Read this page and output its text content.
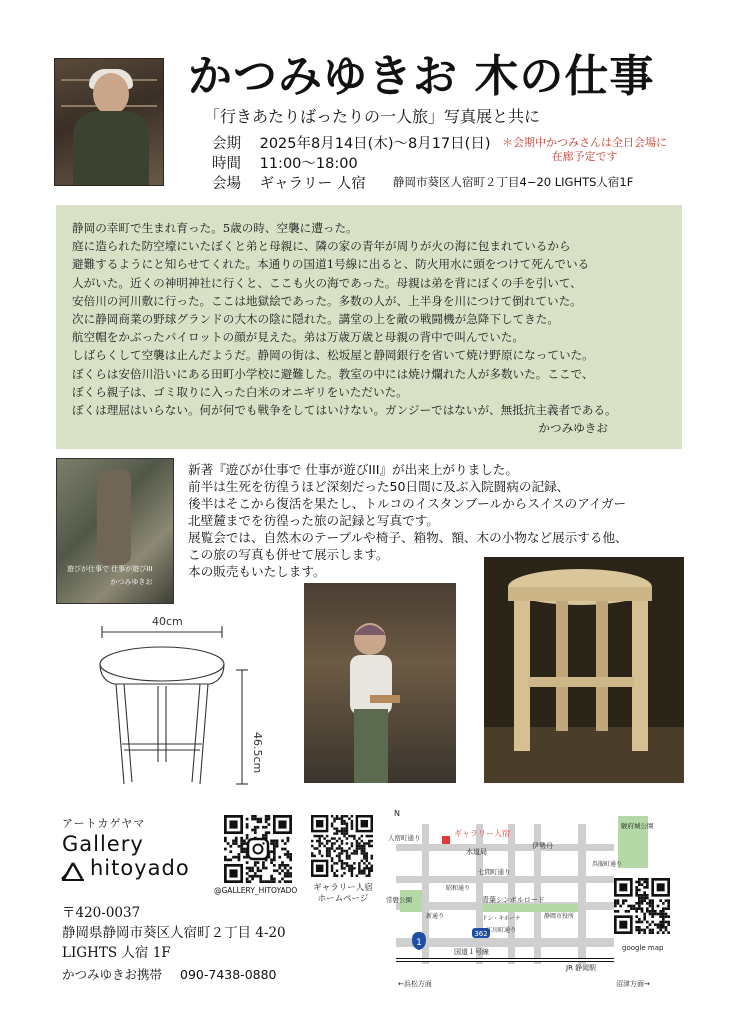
かつみゆきお 木の仕事
「行きあたりばったりの一人旅」写真展と共に
会期 2025年8月14日(木)～8月17日(日)
時間 11:00～18:00
会場 ギャラリー 人宿 静岡市葵区人宿町２丁目4−20 LIGHTS人宿1F
＊会期中かつみさんは全日会場に
在廊予定です

静岡の幸町で生まれ育った。5歳の時、空襲に遭った。

庭に造られた防空壕にいたぼくと弟と母親に、隣の家の青年が周りが火の海に包まれているから

避難するようにと知らせてくれた。本通りの国道1号線に出ると、防火用水に頭をつけて死んでいる

人がいた。近くの神明神社に行くと、ここも火の海であった。母親は弟を背にぼくの手を引いて、

安倍川の河川敷に行った。ここは地獄絵であった。多数の人が、上半身を川につけて倒れていた。

次に静岡商業の野球グランドの大木の陰に隠れた。講堂の上を敵の戦闘機が急降下してきた。

航空帽をかぶったパイロットの顔が見えた。弟は万歳万歳と母親の背中で叫んでいた。

しばらくして空襲は止んだようだ。静岡の街は、松坂屋と静岡銀行を省いて焼け野原になっていた。

ぼくらは安倍川沿いにある田町小学校に避難した。教室の中には焼け爛れた人が多数いた。ここで、

ぼくら親子は、ゴミ取りに入った白米のオニギリをいただいた。

ぼくは理屈はいらない。何が何でも戦争をしてはいけない。ガンジーではないが、無抵抗主義者である。

かつみゆきお

遊びが仕事で 仕事が遊びIII
かつみゆきお
新著『遊びが仕事で 仕事が遊びIII』が出来上がりました。
前半は生死を彷徨うほど深刻だった50日間に及ぶ入院闘病の記録、
後半はそこから復活を果たし、トルコのイスタンブールからスイスのアイガー
北壁麓までを彷徨った旅の記録と写真です。
展覧会では、自然木のテーブルや椅子、箱物、額、木の小物など展示する他、
この旅の写真も併せて展示します。
本の販売もいたします。
40cm
46.5cm
アートカゲヤマ
Gallery
hitoyado
@GALLERY_HITOYADO	ギャラリー人宿
ホームページ
〒420-0037
静岡県静岡市葵区人宿町２丁目 4-20
LIGHTS 人宿 1F
かつみゆきお携帯 090-7438-0880
1
362
N
人宿町通り	ギャラリー人宿
水道局
伊勢丹
七間町通り
駿府城公園
呉服町通り
常磐公園	青葉シンボルロード
昭和通り
ドン・キホーテ	静岡市役所
新通り
江川町通り
国道１号線
JR 静岡駅
←浜松方面	沼津方面→
google map
